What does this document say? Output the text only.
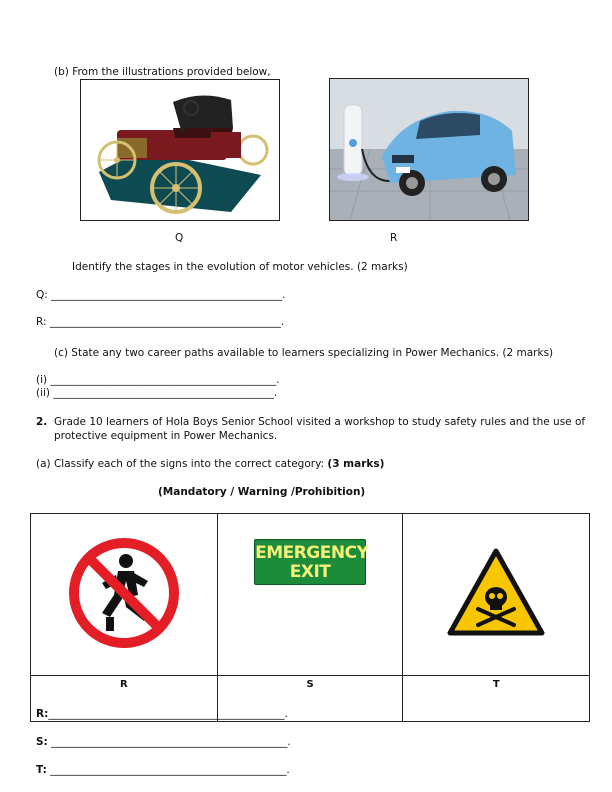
(b) From the illustrations provided below,
Q	R
Identify the stages in the evolution of motor vehicles. (2 marks)
Q: ____________________________________________.
R: ____________________________________________.
(c) State any two career paths available to learners specializing in Power Mechanics. (2 marks)
(i) ___________________________________________.
(ii) __________________________________________.
2. Grade 10 learners of Hola Boys Senior School visited a workshop to study safety rules and the use of
protective equipment in Power Mechanics.
(a) Classify each of the signs into the correct category: (3 marks)
(Mandatory / Warning /Prohibition)

EMERGENCY
EXIT

R	S	T
R:_____________________________________________.
S: _____________________________________________.
T: _____________________________________________.
